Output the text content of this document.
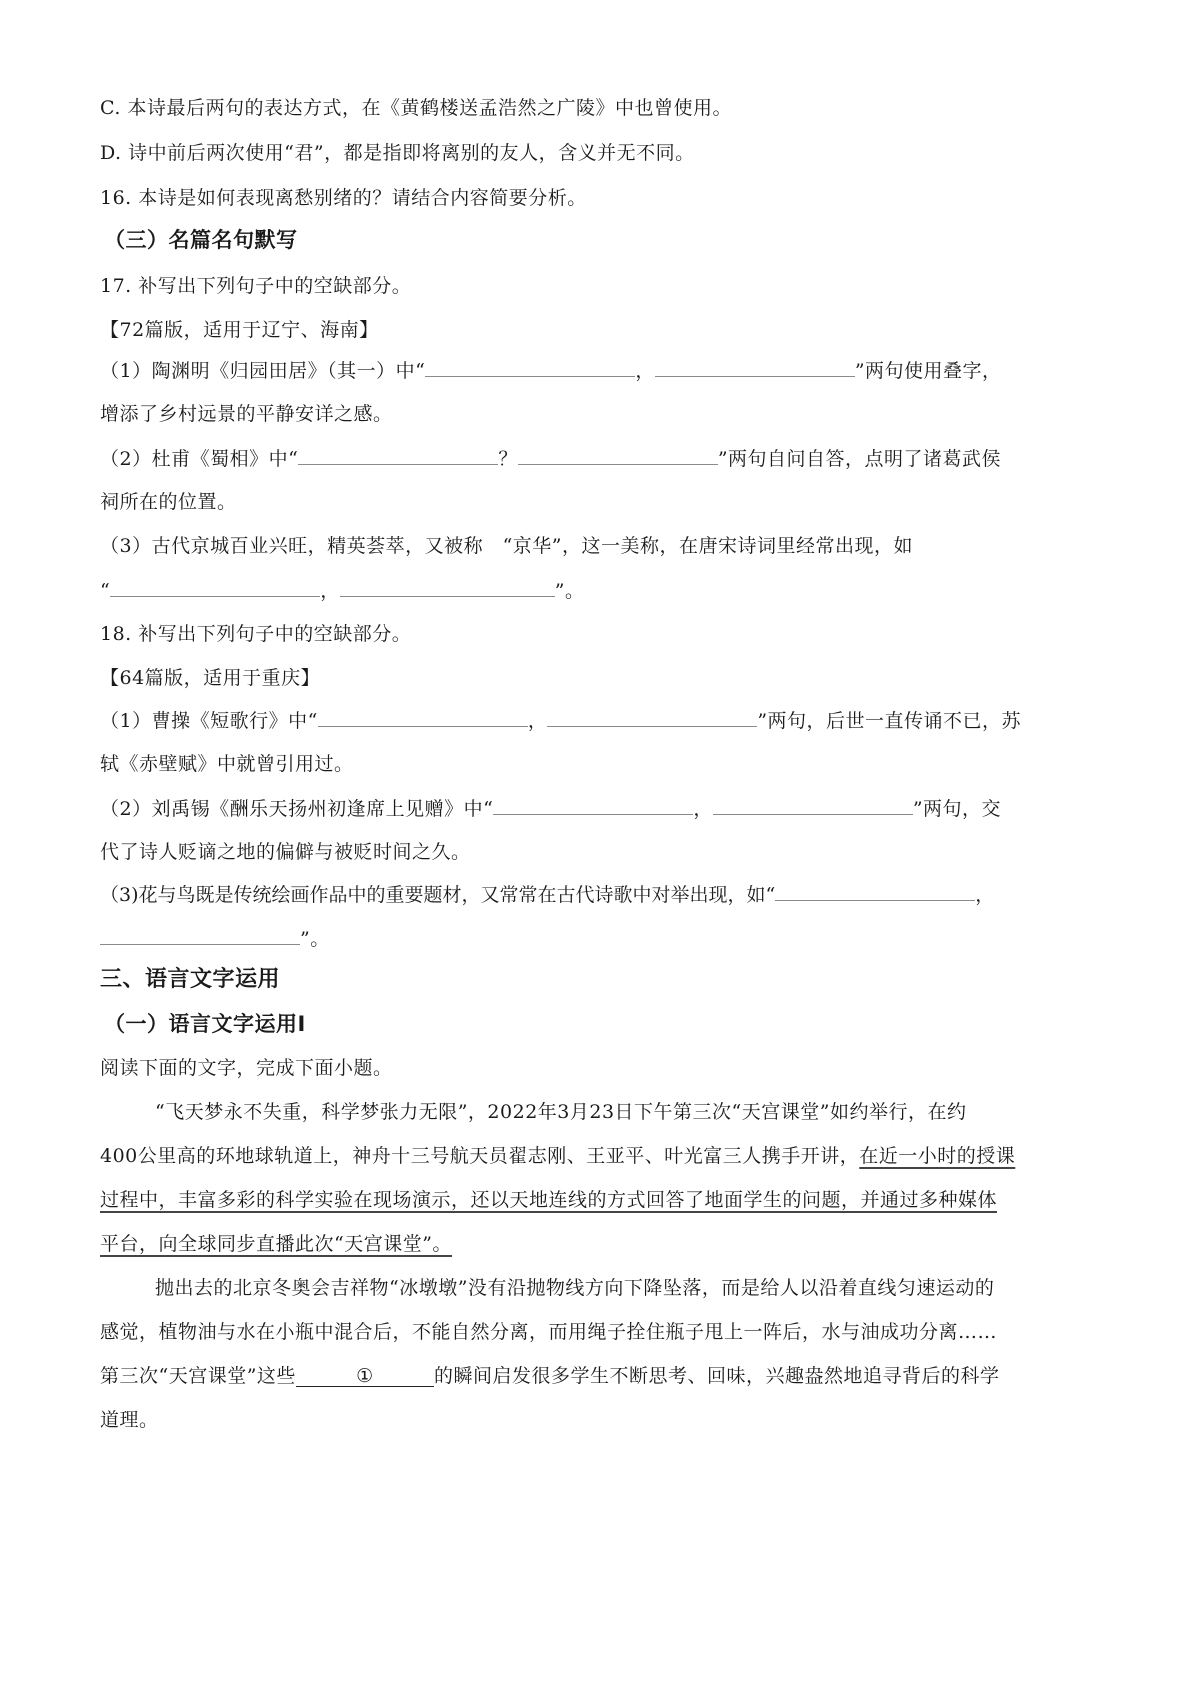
C. 本诗最后两句的表达方式，在《黄鹤楼送孟浩然之广陵》中也曾使用。
D. 诗中前后两次使用“君”，都是指即将离别的友人，含义并无不同。
16. 本诗是如何表现离愁别绪的？请结合内容简要分析。
（三）名篇名句默写
17. 补写出下列句子中的空缺部分。
【72篇版，适用于辽宁、海南】
（1）陶渊明《归园田居》（其一）中“	，	”两句使用叠字，
增添了乡村远景的平静安详之感。
（2）杜甫《蜀相》中“	？	”两句自问自答，点明了诸葛武侯
祠所在的位置。
（3）古代京城百业兴旺，精英荟萃，又被称　“京华”，这一美称，在唐宋诗词里经常出现，如
“	，	”。
18. 补写出下列句子中的空缺部分。
【64篇版，适用于重庆】
（1）曹操《短歌行》中“	，	”两句，后世一直传诵不已，苏
轼《赤壁赋》中就曾引用过。
（2）刘禹锡《酬乐天扬州初逢席上见赠》中“	，	”两句，交
代了诗人贬谪之地的偏僻与被贬时间之久。
（3)花与鸟既是传统绘画作品中的重要题材，又常常在古代诗歌中对举出现，如“	，
”。
三、语言文字运用
（一）语言文字运用Ⅰ
阅读下面的文字，完成下面小题。
“飞天梦永不失重，科学梦张力无限”，2022年3月23日下午第三次“天宫课堂”如约举行，在约
400公里高的环地球轨道上，神舟十三号航天员翟志刚、王亚平、叶光富三人携手开讲，在近一小时的授课
过程中，丰富多彩的科学实验在现场演示，还以天地连线的方式回答了地面学生的问题，并通过多种媒体
平台，向全球同步直播此次“天宫课堂”。
抛出去的北京冬奥会吉祥物“冰墩墩”没有沿抛物线方向下降坠落，而是给人以沿着直线匀速运动的
感觉，植物油与水在小瓶中混合后，不能自然分离，而用绳子拴住瓶子甩上一阵后，水与油成功分离……
第三次“天宫课堂”这些	①	的瞬间启发很多学生不断思考、回味，兴趣盎然地追寻背后的科学
道理。
